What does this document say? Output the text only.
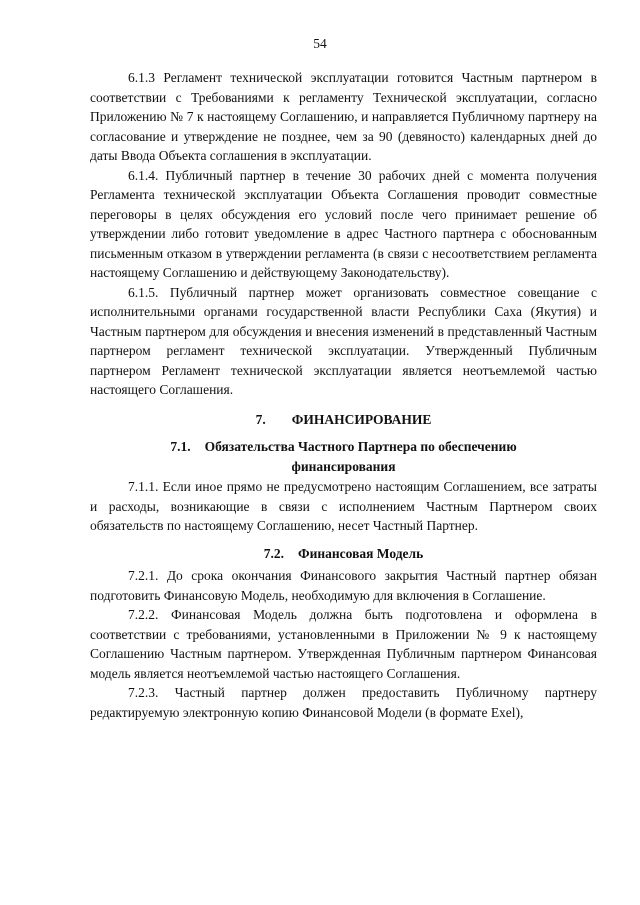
54

6.1.3 Регламент технической эксплуатации готовится Частным партнером в соответствии с Требованиями к регламенту Технической эксплуатации, согласно Приложению № 7 к настоящему Соглашению, и направляется Публичному партнеру на согласование и утверждение не позднее, чем за 90 (девяносто) календарных дней до даты Ввода Объекта соглашения в эксплуатации.

6.1.4. Публичный партнер в течение 30 рабочих дней с момента получения Регламента технической эксплуатации Объекта Соглашения проводит совместные переговоры в целях обсуждения его условий после чего принимает решение об утверждении либо готовит уведомление в адрес Частного партнера с обоснованным письменным отказом в утверждении регламента (в связи с несоответствием регламента настоящему Соглашению и действующему Законодательству).

6.1.5. Публичный партнер может организовать совместное совещание с исполнительными органами государственной власти Республики Саха (Якутия) и Частным партнером для обсуждения и внесения изменений в представленный Частным партнером регламент технической эксплуатации. Утвержденный Публичным партнером Регламент технической эксплуатации является неотъемлемой частью настоящего Соглашения.

7. ФИНАНСИРОВАНИЕ
7.1. Обязательства Частного Партнера по обеспечению финансирования

7.1.1. Если иное прямо не предусмотрено настоящим Соглашением, все затраты и расходы, возникающие в связи с исполнением Частным Партнером своих обязательств по настоящему Соглашению, несет Частный Партнер.

7.2. Финансовая Модель

7.2.1. До срока окончания Финансового закрытия Частный партнер обязан подготовить Финансовую Модель, необходимую для включения в Соглашение.

7.2.2. Финансовая Модель должна быть подготовлена и оформлена в соответствии с требованиями, установленными в Приложении № 9 к настоящему Соглашению Частным партнером. Утвержденная Публичным партнером Финансовая модель является неотъемлемой частью настоящего Соглашения.

7.2.3. Частный партнер должен предоставить Публичному партнеру редактируемую электронную копию Финансовой Модели (в формате Exel),
